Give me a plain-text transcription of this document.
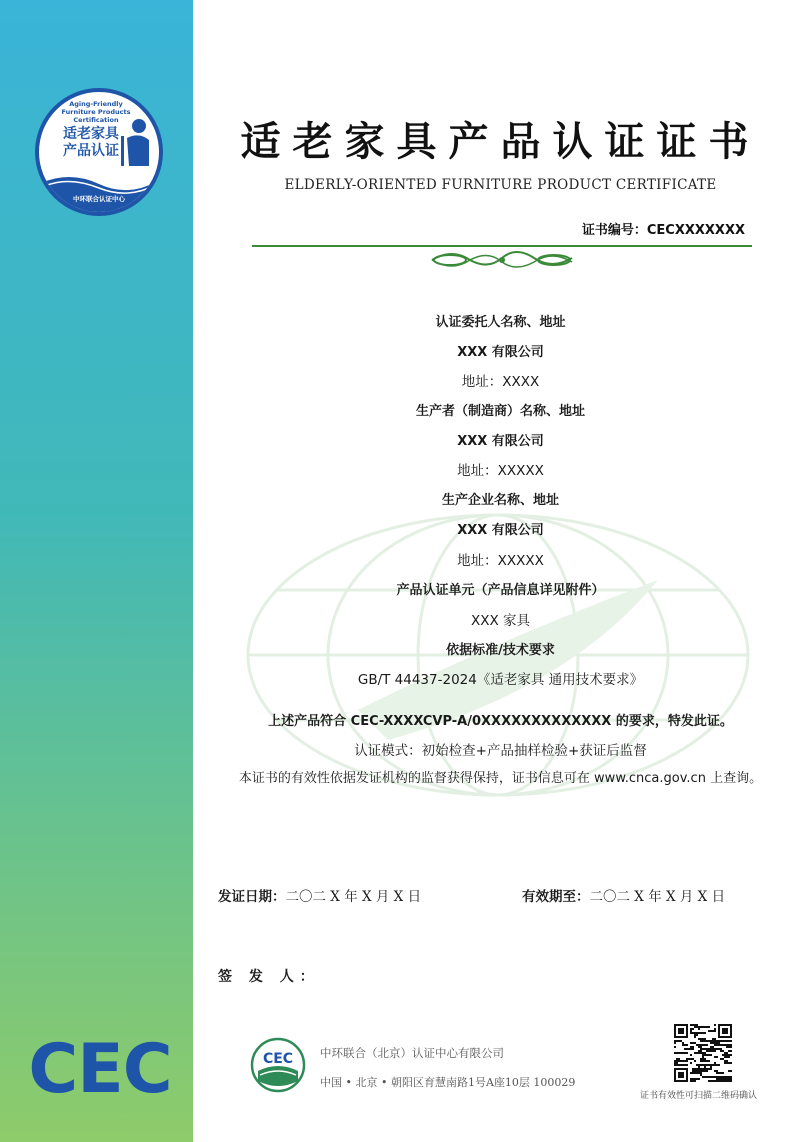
Aging-Friendly Furniture Products Certification
适老家具
产品认证
中环联合认证中心
CEC
适老家具产品认证证书
ELDERLY-ORIENTED FURNITURE PRODUCT CERTIFICATE
证书编号：CECXXXXXXX
认证委托人名称、地址
XXX 有限公司
地址：XXXX
生产者（制造商）名称、地址
XXX 有限公司
地址：XXXXX
生产企业名称、地址
XXX 有限公司
地址：XXXXX
产品认证单元（产品信息详见附件）
XXX 家具
依据标准/技术要求
GB/T 44437-2024《适老家具 通用技术要求》
上述产品符合 CEC-XXXXCVP-A/0XXXXXXXXXXXXX 的要求，特发此证。
认证模式：初始检查+产品抽样检验+获证后监督
本证书的有效性依据发证机构的监督获得保持，证书信息可在 www.cnca.gov.cn 上查询。
发证日期：二〇二 X 年 X 月 X 日	有效期至：二〇二 X 年 X 月 X 日
签 发 人：
CEC 中环联合（北京）认证中心有限公司
中国 • 北京 • 朝阳区育慧南路1号A座10层 100029
证书有效性可扫描二维码确认
